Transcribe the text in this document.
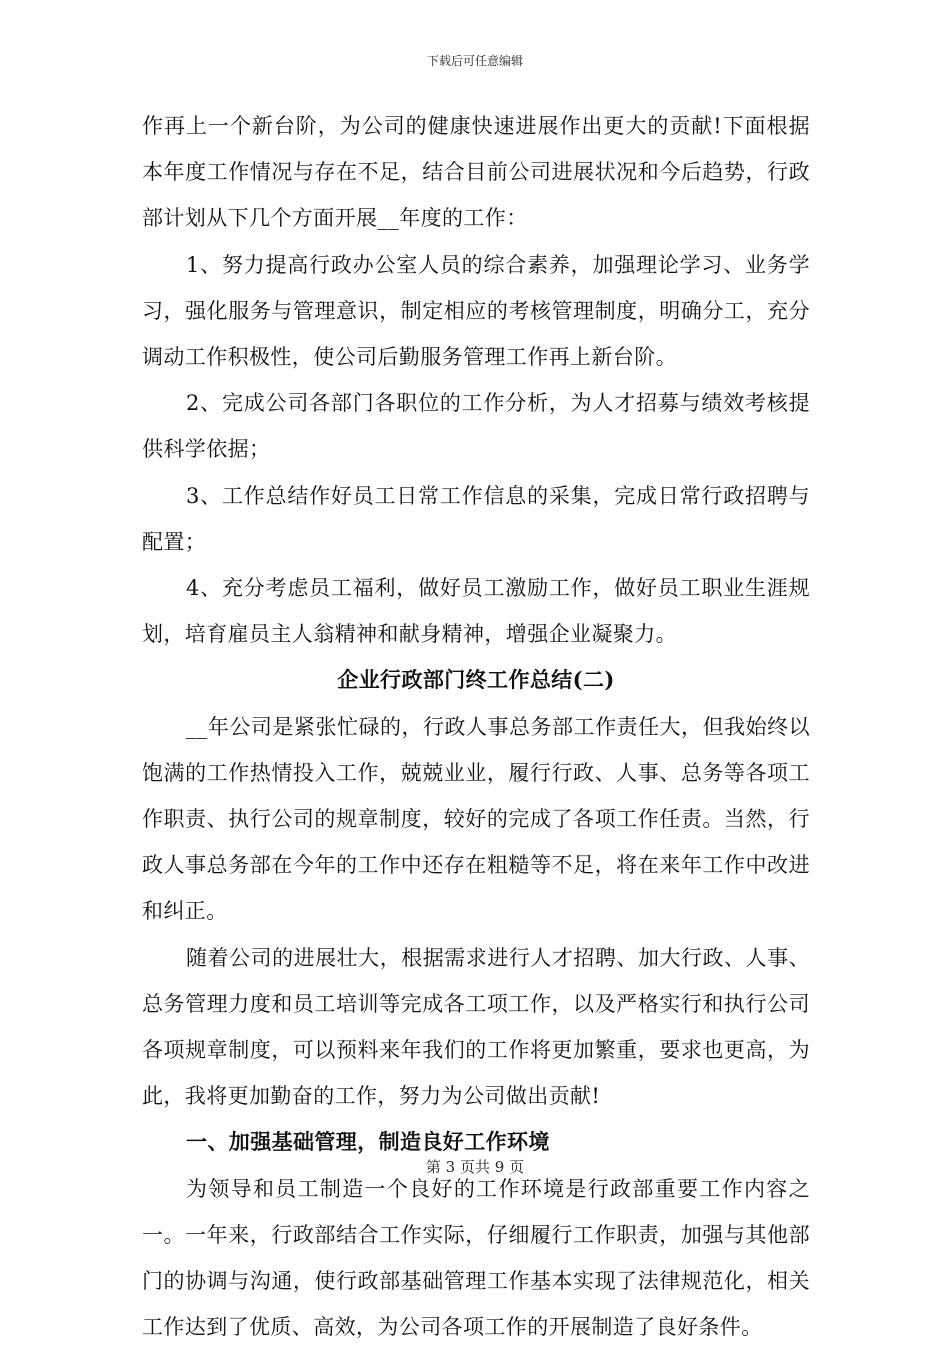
下载后可任意编辑

作再上一个新台阶，为公司的健康快速进展作出更大的贡献!下面根据本年度工作情况与存在不足，结合目前公司进展状况和今后趋势，行政部计划从下几个方面开展__年度的工作：

1、努力提高行政办公室人员的综合素养，加强理论学习、业务学习，强化服务与管理意识，制定相应的考核管理制度，明确分工，充分调动工作积极性，使公司后勤服务管理工作再上新台阶。

2、完成公司各部门各职位的工作分析，为人才招募与绩效考核提供科学依据；

3、工作总结作好员工日常工作信息的采集，完成日常行政招聘与配置；

4、充分考虑员工福利，做好员工激励工作，做好员工职业生涯规划，培育雇员主人翁精神和献身精神，增强企业凝聚力。

企业行政部门终工作总结(二)

__年公司是紧张忙碌的，行政人事总务部工作责任大，但我始终以饱满的工作热情投入工作，兢兢业业，履行行政、人事、总务等各项工作职责、执行公司的规章制度，较好的完成了各项工作任责。当然，行政人事总务部在今年的工作中还存在粗糙等不足，将在来年工作中改进和纠正。

随着公司的进展壮大，根据需求进行人才招聘、加大行政、人事、总务管理力度和员工培训等完成各工项工作，以及严格实行和执行公司各项规章制度，可以预料来年我们的工作将更加繁重，要求也更高，为此，我将更加勤奋的工作，努力为公司做出贡献!

一、加强基础管理，制造良好工作环境

为领导和员工制造一个良好的工作环境是行政部重要工作内容之一。一年来，行政部结合工作实际，仔细履行工作职责，加强与其他部门的协调与沟通，使行政部基础管理工作基本实现了法律规范化，相关工作达到了优质、高效，为公司各项工作的开展制造了良好条件。

第 3 页共 9 页
